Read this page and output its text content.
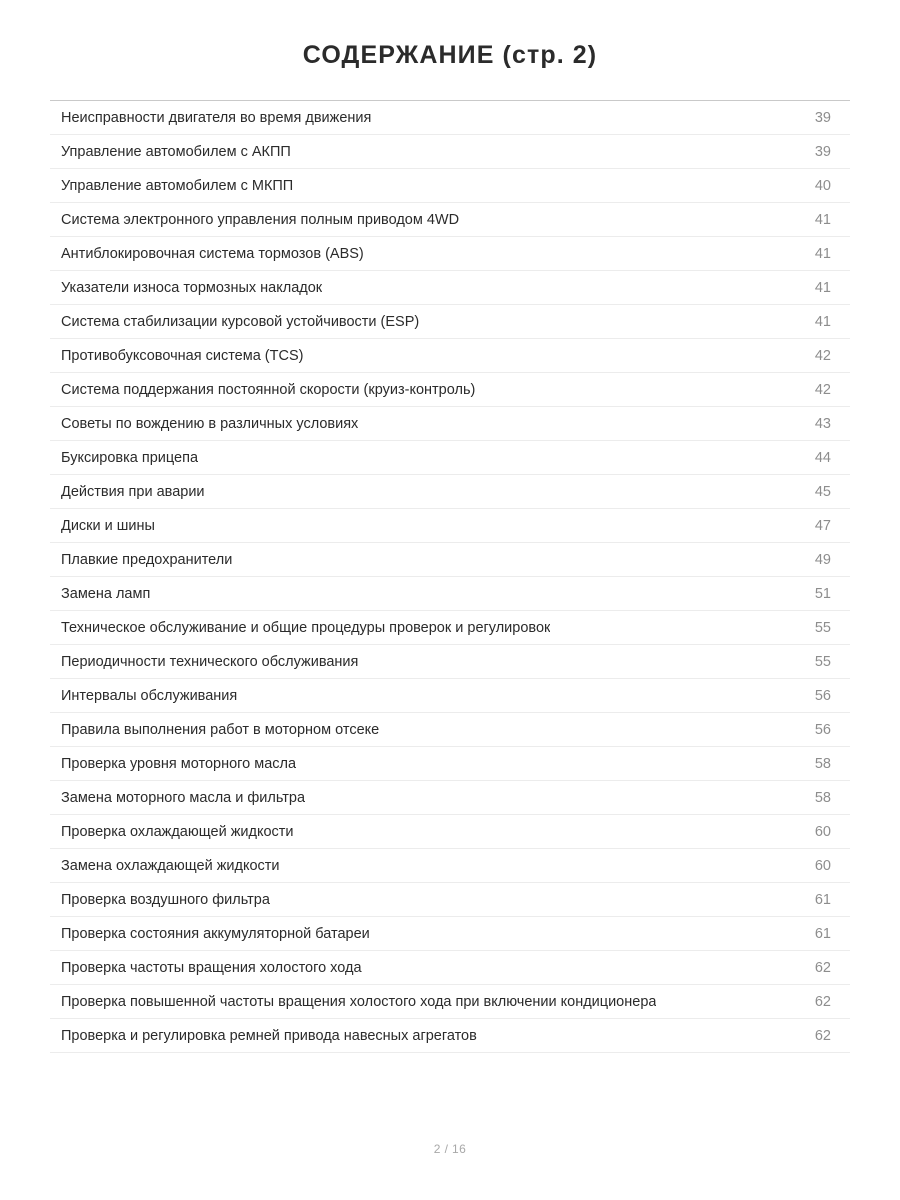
СОДЕРЖАНИЕ (стр. 2)
Неисправности двигателя во время движения	39
Управление автомобилем с АКПП	39
Управление автомобилем с МКПП	40
Система электронного управления полным приводом 4WD	41
Антиблокировочная система тормозов (ABS)	41
Указатели износа тормозных накладок	41
Система стабилизации курсовой устойчивости (ESP)	41
Противобуксовочная система (TCS)	42
Система поддержания постоянной скорости (круиз-контроль)	42
Советы по вождению в различных условиях	43
Буксировка прицепа	44
Действия при аварии	45
Диски и шины	47
Плавкие предохранители	49
Замена ламп	51
Техническое обслуживание и общие процедуры проверок и регулировок	55
Периодичности технического обслуживания	55
Интервалы обслуживания	56
Правила выполнения работ в моторном отсеке	56
Проверка уровня моторного масла	58
Замена моторного масла и фильтра	58
Проверка охлаждающей жидкости	60
Замена охлаждающей жидкости	60
Проверка воздушного фильтра	61
Проверка состояния аккумуляторной батареи	61
Проверка частоты вращения холостого хода	62
Проверка повышенной частоты вращения холостого хода при включении кондиционера	62
Проверка и регулировка ремней привода навесных агрегатов	62
2 / 16
